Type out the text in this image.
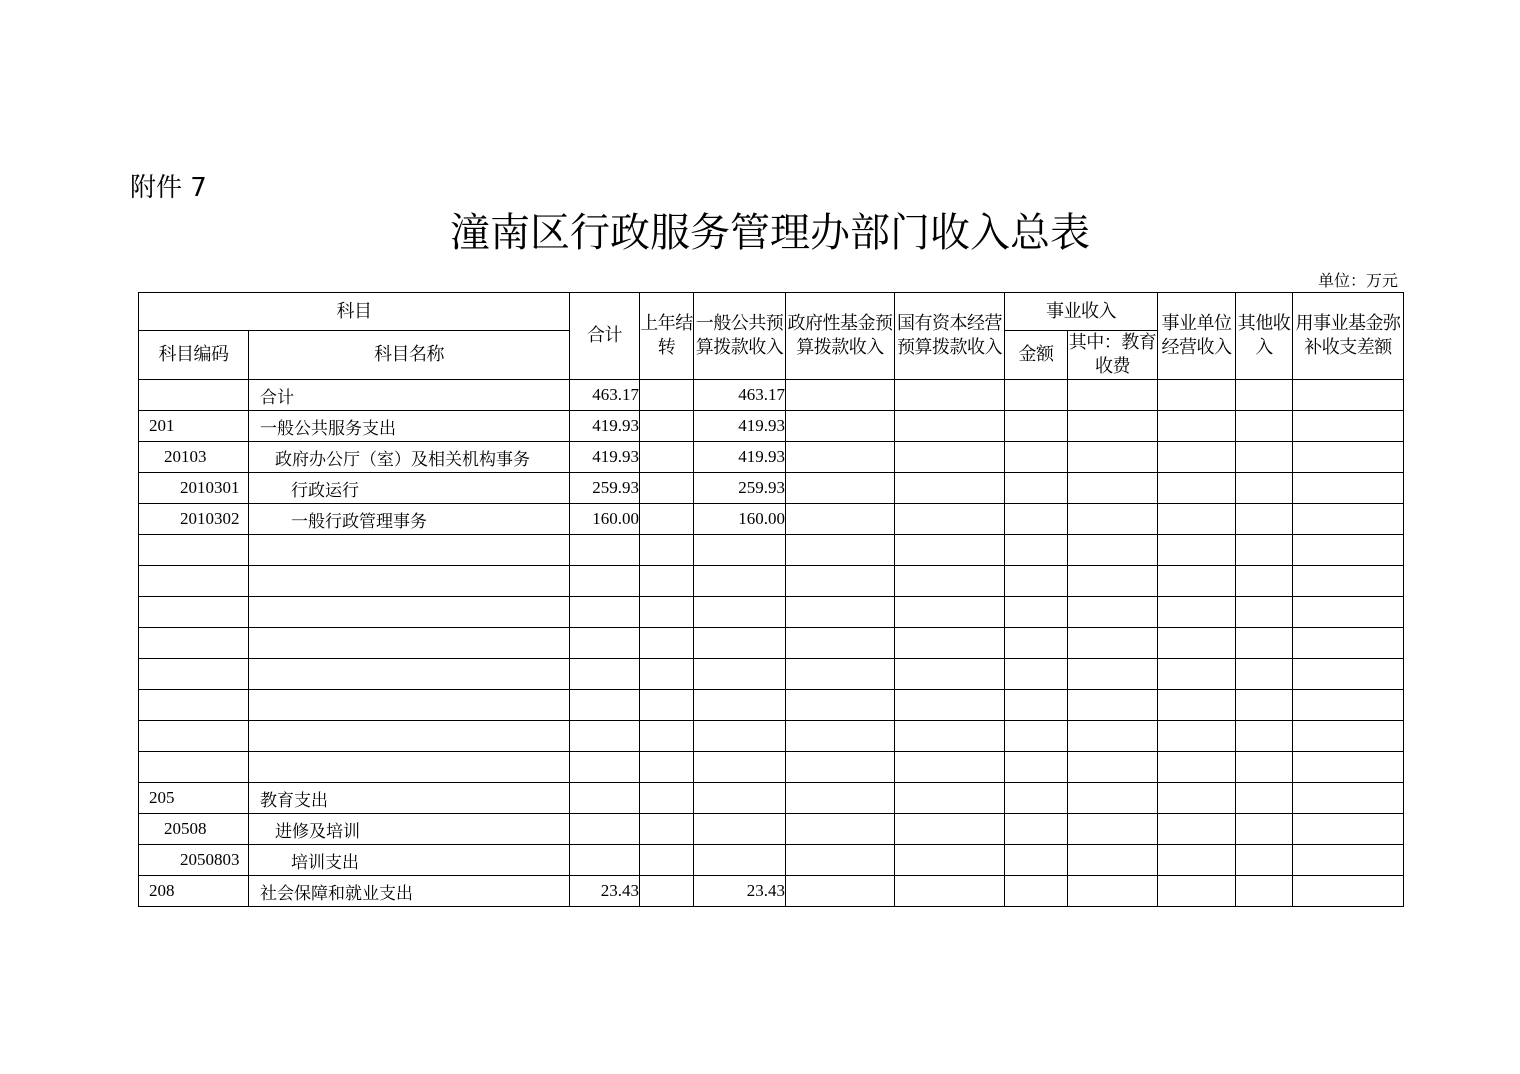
附件 7
潼南区行政服务管理办部门收入总表
单位：万元
科目		合计	上年结转	一般公共预算拨款收入	政府性基金预算拨款收入	国有资本经营预算拨款收入	事业收入		事业单位经营收入	其他收入	用事业基金弥补收支差额
科目编码	科目名称						金额	其中：教育收费			
	合计	463.17		463.17							
201	一般公共服务支出	419.93		419.93							
20103	政府办公厅（室）及相关机构事务	419.93		419.93							
2010301	行政运行	259.93		259.93							
2010302	一般行政管理事务	160.00		160.00							

205	教育支出										
20508	进修及培训										
2050803	培训支出										
208	社会保障和就业支出	23.43		23.43							
